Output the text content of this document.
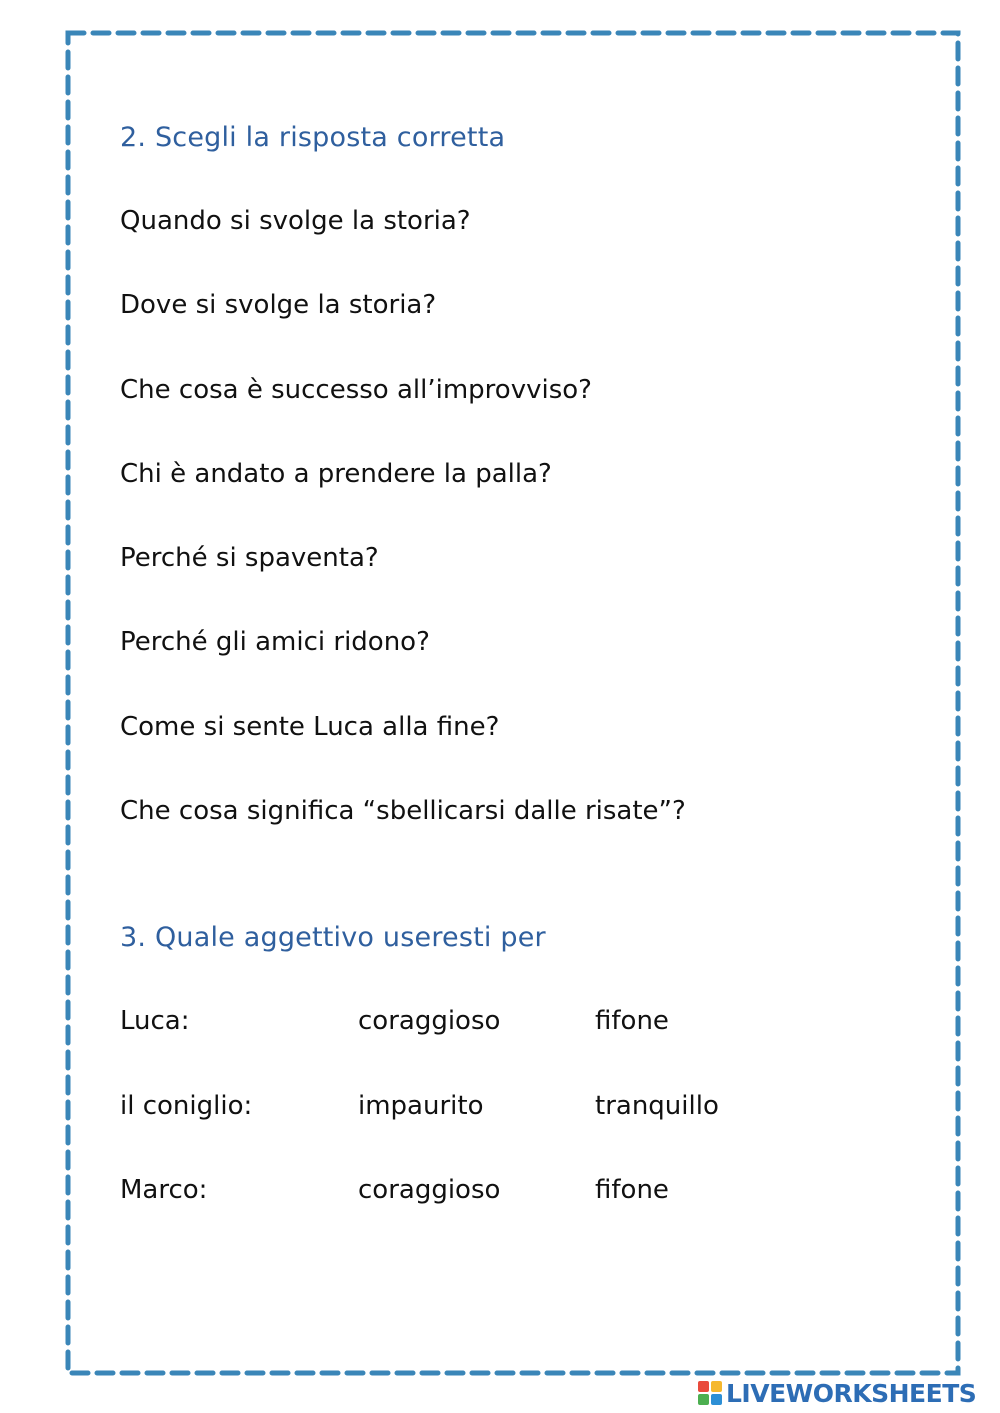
2. Scegli la risposta corretta
Quando si svolge la storia?
Dove si svolge la storia?
Che cosa è successo all’improvviso?
Chi è andato a prendere la palla?
Perché si spaventa?
Perché gli amici ridono?
Come si sente Luca alla fine?
Che cosa significa “sbellicarsi dalle risate”?
3. Quale aggettivo useresti per
Luca:	coraggioso	fifone
il coniglio:	impaurito	tranquillo
Marco:	coraggioso	fifone
LIVEWORKSHEETS
